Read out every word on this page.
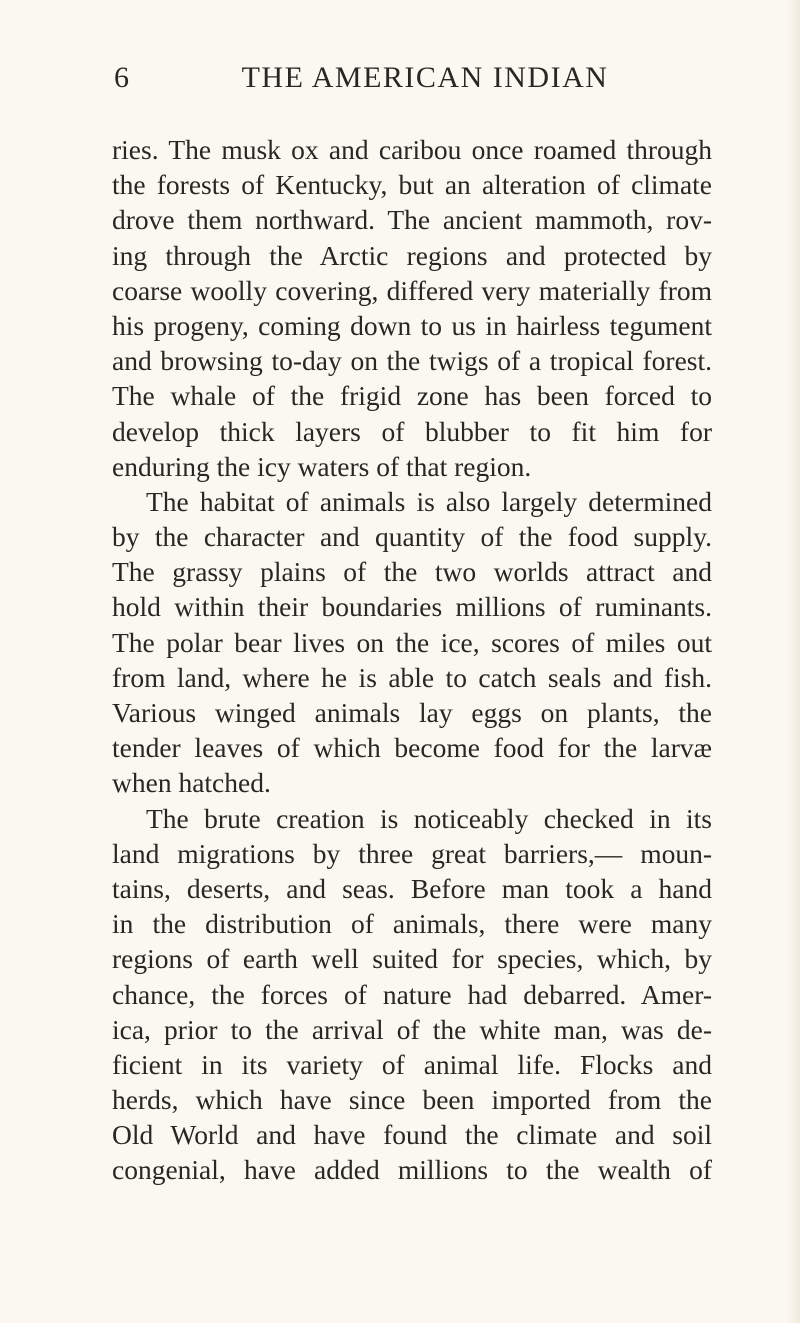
6	THE AMERICAN INDIAN
ries. The musk ox and caribou once roamed through
the forests of Kentucky, but an alteration of climate
drove them northward. The ancient mammoth, rov-
ing through the Arctic regions and protected by
coarse woolly covering, differed very materially from
his progeny, coming down to us in hairless tegument
and browsing to-day on the twigs of a tropical forest.
The whale of the frigid zone has been forced to
develop thick layers of blubber to fit him for
enduring the icy waters of that region.
The habitat of animals is also largely determined
by the character and quantity of the food supply.
The grassy plains of the two worlds attract and
hold within their boundaries millions of ruminants.
The polar bear lives on the ice, scores of miles out
from land, where he is able to catch seals and fish.
Various winged animals lay eggs on plants, the
tender leaves of which become food for the larvæ
when hatched.
The brute creation is noticeably checked in its
land migrations by three great barriers,— moun-
tains, deserts, and seas. Before man took a hand
in the distribution of animals, there were many
regions of earth well suited for species, which, by
chance, the forces of nature had debarred. Amer-
ica, prior to the arrival of the white man, was de-
ficient in its variety of animal life. Flocks and
herds, which have since been imported from the
Old World and have found the climate and soil
congenial, have added millions to the wealth of
